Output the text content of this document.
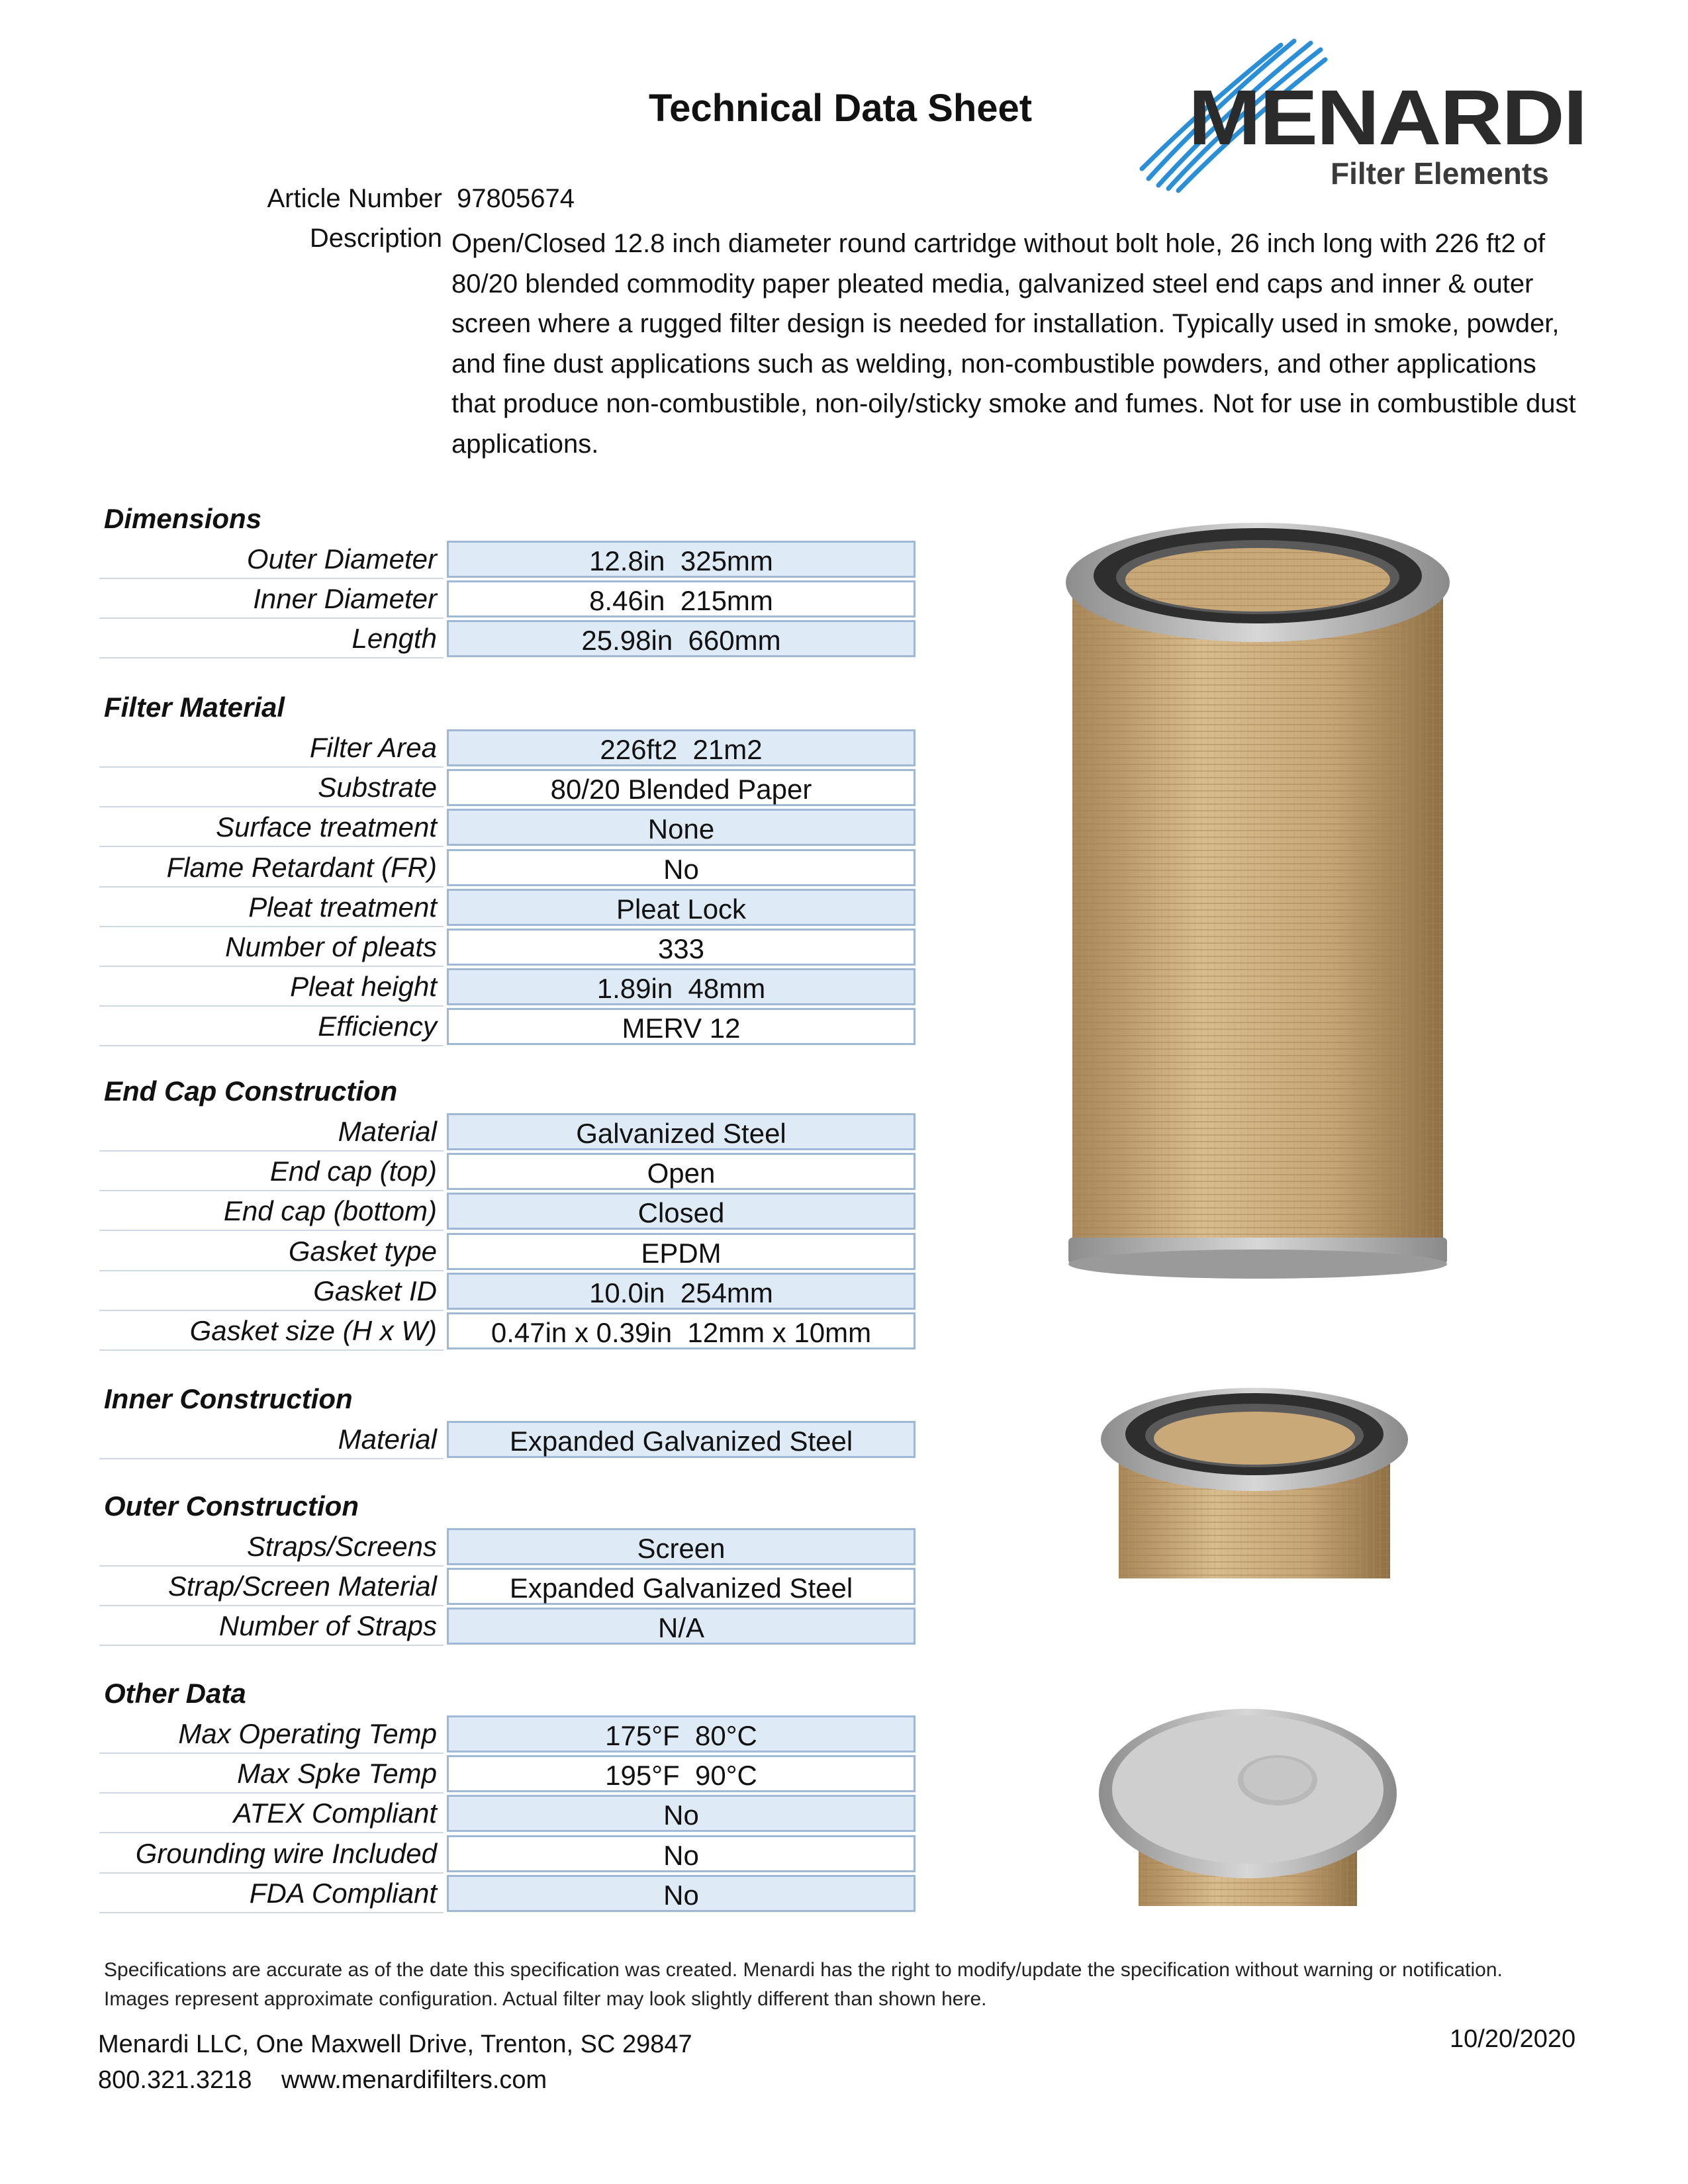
Technical Data Sheet MENARDI
Filter Elements
Article Number 97805674
Description Open/Closed 12.8 inch diameter round cartridge without bolt hole, 26 inch long with 226 ft2 of 80/20 blended commodity paper pleated media, galvanized steel end caps and inner & outer screen where a rugged filter design is needed for installation. Typically used in smoke, powder, and fine dust applications such as welding, non-combustible powders, and other applications that produce non-combustible, non-oily/sticky smoke and fumes. Not for use in combustible dust applications.
Dimensions
Outer Diameter	12.8in  325mm
Inner Diameter	8.46in  215mm
Length	25.98in  660mm
Filter Material
Filter Area	226ft2  21m2
Substrate	80/20 Blended Paper
Surface treatment	None
Flame Retardant (FR)	No
Pleat treatment	Pleat Lock
Number of pleats	333
Pleat height	1.89in  48mm
Efficiency	MERV 12
End Cap Construction
Material	Galvanized Steel
End cap (top)	Open
End cap (bottom)	Closed
Gasket type	EPDM
Gasket ID	10.0in  254mm
Gasket size (H x W)	0.47in x 0.39in  12mm x 10mm
Inner Construction
Material	Expanded Galvanized Steel
Outer Construction
Straps/Screens	Screen
Strap/Screen Material	Expanded Galvanized Steel
Number of Straps	N/A
Other Data
Max Operating Temp	175°F  80°C
Max Spke Temp	195°F  90°C
ATEX Compliant	No
Grounding wire Included	No
FDA Compliant	No
Specifications are accurate as of the date this specification was created. Menardi has the right to modify/update the specification without warning or notification.
Images represent approximate configuration. Actual filter may look slightly different than shown here.
Menardi LLC, One Maxwell Drive, Trenton, SC 29847
800.321.3218 www.menardifilters.com
10/20/2020
